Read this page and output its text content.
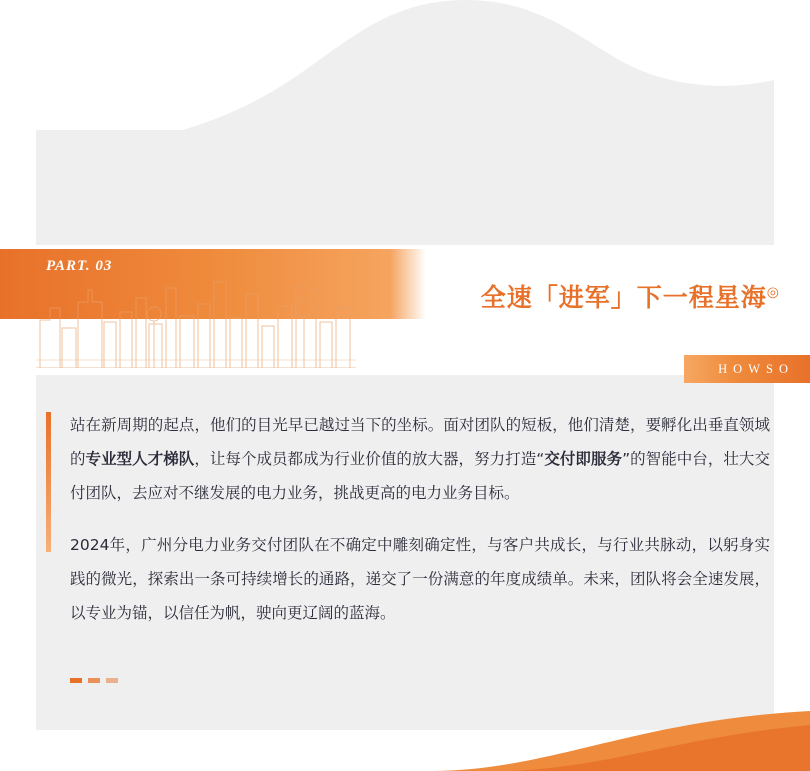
PART. 03
全速「进军」下一程星海◎
HOWSO

站在新周期的起点，他们的目光早已越过当下的坐标。面对团队的短板，他们清楚，要孵化出垂直领域的专业型人才梯队，让每个成员都成为行业价值的放大器，努力打造“交付即服务”的智能中台，壮大交付团队，去应对不继发展的电力业务，挑战更高的电力业务目标。

2024年，广州分电力业务交付团队在不确定中雕刻确定性，与客户共成长，与行业共脉动，以躬身实践的微光，探索出一条可持续增长的通路，递交了一份满意的年度成绩单。未来，团队将会全速发展，以专业为锚，以信任为帆，驶向更辽阔的蓝海。
